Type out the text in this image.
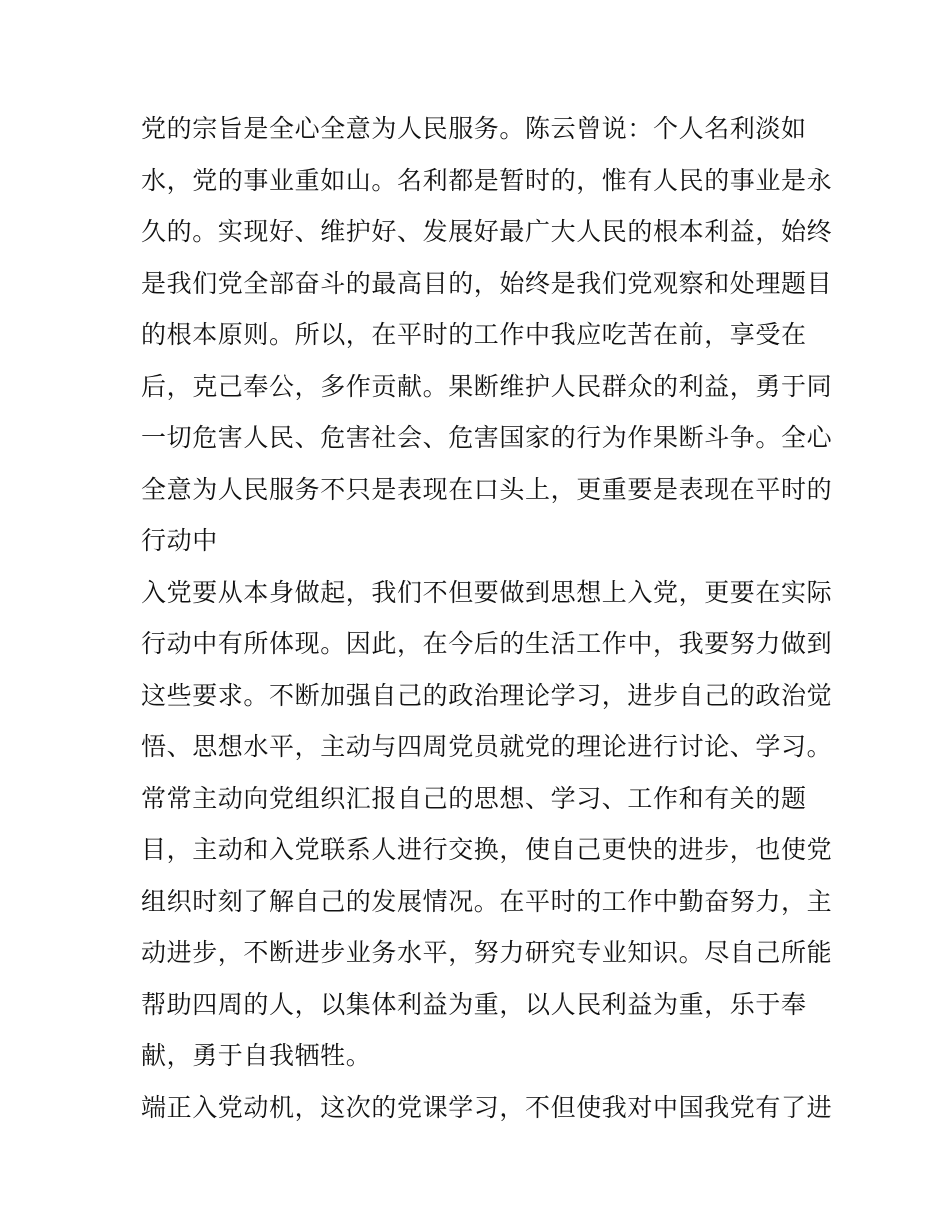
党的宗旨是全心全意为人民服务。陈云曾说：个人名利淡如
水，党的事业重如山。名利都是暂时的，惟有人民的事业是永
久的。实现好、维护好、发展好最广大人民的根本利益，始终
是我们党全部奋斗的最高目的，始终是我们党观察和处理题目
的根本原则。所以，在平时的工作中我应吃苦在前，享受在
后，克己奉公，多作贡献。果断维护人民群众的利益，勇于同
一切危害人民、危害社会、危害国家的行为作果断斗争。全心
全意为人民服务不只是表现在口头上，更重要是表现在平时的
行动中
入党要从本身做起，我们不但要做到思想上入党，更要在实际
行动中有所体现。因此，在今后的生活工作中，我要努力做到
这些要求。不断加强自己的政治理论学习，进步自己的政治觉
悟、思想水平，主动与四周党员就党的理论进行讨论、学习。
常常主动向党组织汇报自己的思想、学习、工作和有关的题
目，主动和入党联系人进行交换，使自己更快的进步，也使党
组织时刻了解自己的发展情况。在平时的工作中勤奋努力，主
动进步，不断进步业务水平，努力研究专业知识。尽自己所能
帮助四周的人，以集体利益为重，以人民利益为重，乐于奉
献，勇于自我牺牲。
端正入党动机，这次的党课学习，不但使我对中国我党有了进
